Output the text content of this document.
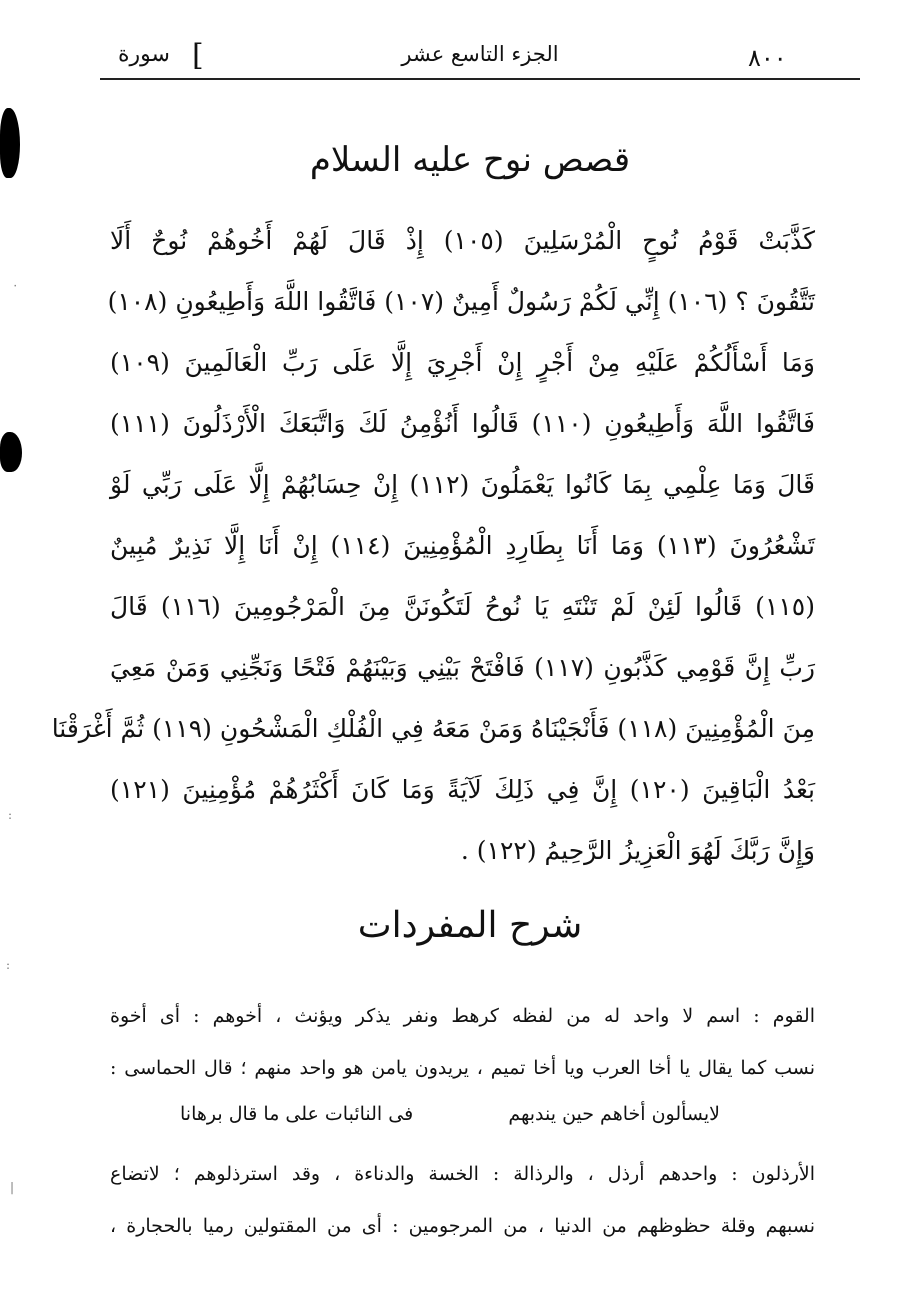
سورة [	الجزء التاسع عشر	٨٠٠
قصص نوح عليه السلام
كَذَّبَتْ قَوْمُ نُوحٍ الْمُرْسَلِينَ (١٠٥) إِذْ قَالَ لَهُمْ أَخُوهُمْ نُوحٌ أَلَا
تَتَّقُونَ ؟ (١٠٦) إِنِّي لَكُمْ رَسُولٌ أَمِينٌ (١٠٧) فَاتَّقُوا اللَّهَ وَأَطِيعُونِ (١٠٨)
وَمَا أَسْأَلُكُمْ عَلَيْهِ مِنْ أَجْرٍ إِنْ أَجْرِيَ إِلَّا عَلَى رَبِّ الْعَالَمِينَ (١٠٩)
فَاتَّقُوا اللَّهَ وَأَطِيعُونِ (١١٠) قَالُوا أَنُؤْمِنُ لَكَ وَاتَّبَعَكَ الْأَرْذَلُونَ (١١١)
قَالَ وَمَا عِلْمِي بِمَا كَانُوا يَعْمَلُونَ (١١٢) إِنْ حِسَابُهُمْ إِلَّا عَلَى رَبِّي لَوْ
تَشْعُرُونَ (١١٣) وَمَا أَنَا بِطَارِدِ الْمُؤْمِنِينَ (١١٤) إِنْ أَنَا إِلَّا نَذِيرٌ مُبِينٌ
(١١٥) قَالُوا لَئِنْ لَمْ تَنْتَهِ يَا نُوحُ لَتَكُونَنَّ مِنَ الْمَرْجُومِينَ (١١٦) قَالَ
رَبِّ إِنَّ قَوْمِي كَذَّبُونِ (١١٧) فَافْتَحْ بَيْنِي وَبَيْنَهُمْ فَتْحًا وَنَجِّنِي وَمَنْ مَعِيَ
مِنَ الْمُؤْمِنِينَ (١١٨) فَأَنْجَيْنَاهُ وَمَنْ مَعَهُ فِي الْفُلْكِ الْمَشْحُونِ (١١٩) ثُمَّ أَغْرَقْنَا
بَعْدُ الْبَاقِينَ (١٢٠) إِنَّ فِي ذَلِكَ لَآيَةً وَمَا كَانَ أَكْثَرُهُمْ مُؤْمِنِينَ (١٢١)
وَإِنَّ رَبَّكَ لَهُوَ الْعَزِيزُ الرَّحِيمُ (١٢٢) .
شرح المفردات
القوم : اسم لا واحد له من لفظه كرهط ونفر يذكر ويؤنث ، أخوهم : أى أخوة
نسب كما يقال يا أخا العرب ويا أخا تميم ، يريدون يامن هو واحد منهم ؛ قال الحماسى :
لايسألون أخاهم حين يندبهم
فى النائبات على ما قال برهانا
الأرذلون : واحدهم أرذل ، والرذالة : الخسة والدناءة ، وقد استرذلوهم ؛ لاتضاع
نسبهم وقلة حظوظهم من الدنيا ، من المرجومين : أى من المقتولين رميا بالحجارة ،
٠
:
:
|
